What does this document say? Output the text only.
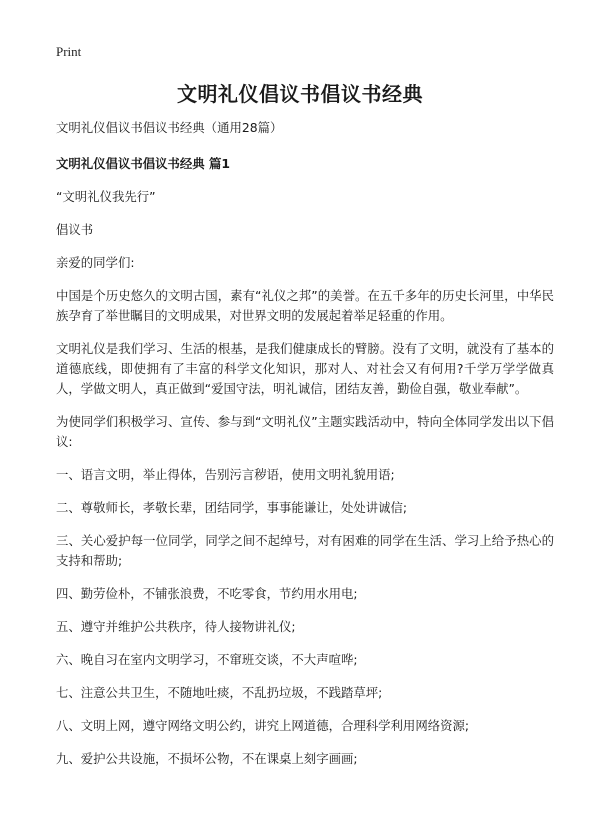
Print
文明礼仪倡议书倡议书经典

文明礼仪倡议书倡议书经典（通用28篇）

文明礼仪倡议书倡议书经典 篇1

“文明礼仪我先行”

倡议书

亲爱的同学们:

中国是个历史悠久的文明古国，素有“礼仪之邦”的美誉。在五千多年的历史长河里，中华民族孕育了举世瞩目的文明成果，对世界文明的发展起着举足轻重的作用。

文明礼仪是我们学习、生活的根基，是我们健康成长的臂膀。没有了文明，就没有了基本的道德底线，即使拥有了丰富的科学文化知识，那对人、对社会又有何用?千学万学学做真人，学做文明人，真正做到“爱国守法，明礼诚信，团结友善，勤俭自强，敬业奉献”。

为使同学们积极学习、宣传、参与到“文明礼仪”主题实践活动中，特向全体同学发出以下倡议:

一、语言文明，举止得体，告别污言秽语，使用文明礼貌用语;

二、尊敬师长，孝敬长辈，团结同学，事事能谦让，处处讲诚信;

三、关心爱护每一位同学，同学之间不起绰号，对有困难的同学在生活、学习上给予热心的支持和帮助;

四、勤劳俭朴，不铺张浪费，不吃零食，节约用水用电;

五、遵守并维护公共秩序，待人接物讲礼仪;

六、晚自习在室内文明学习，不窜班交谈，不大声喧哗;

七、注意公共卫生，不随地吐痰，不乱扔垃圾，不践踏草坪;

八、文明上网，遵守网络文明公约，讲究上网道德，合理科学利用网络资源;

九、爱护公共设施，不损坏公物，不在课桌上刻字画画;
